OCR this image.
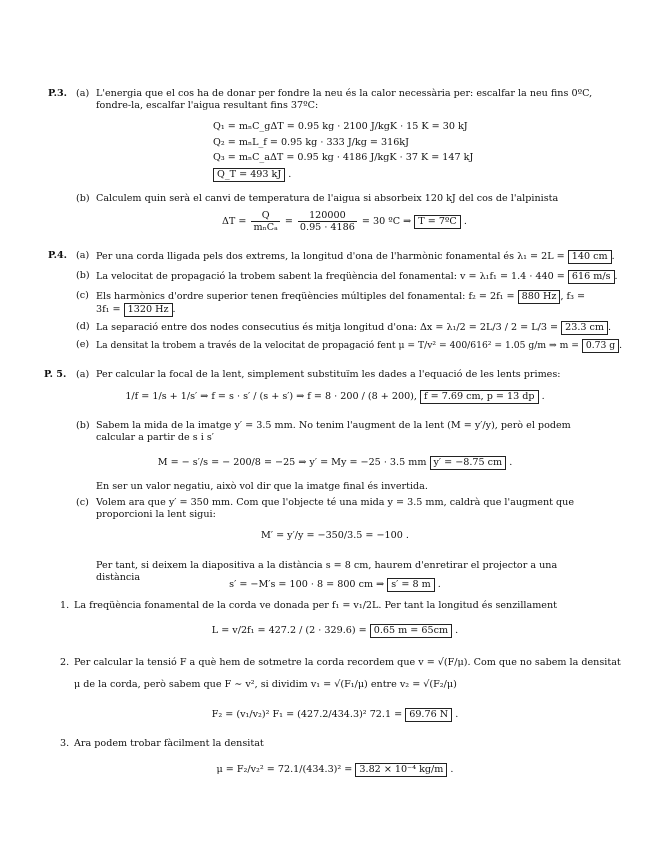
P.3. (a) L'energia que el cos ha de donar per fondre la neu és la calor necessària per: escalfar la neu fins 0ºC, fondre-la, escalfar l'aigua resultant fins 37ºC:
Q₁ = mₙC_gΔT = 0.95 kg · 2100 J/kgK · 15 K = 30 kJ
Q₂ = mₙL_f = 0.95 kg · 333 J/kg = 316kJ
Q₃ = mₙC_aΔT = 0.95 kg · 4186 J/kgK · 37 K = 147 kJ
Q_T = 493 kJ .
(b) Calculem quin serà el canvi de temperatura de l'aigua si absorbeix 120 kJ del cos de l'alpinista
$\Delta T = \frac{Q}{\text{mₙCₐ}} = \frac{120000}{0.95 \cdot 4186} = 30$ ºC ⇒ T = 7ºC .
P.4. (a) Per una corda lligada pels dos extrems, la longitud d'ona de l'harmònic fonamental és λ₁ = 2L = 140 cm .
(b) La velocitat de propagació la trobem sabent la freqüència del fonamental: v = λ₁f₁ = 1.4 · 440 = 616 m/s .
(c) Els harmònics d'ordre superior tenen freqüències múltiples del fonamental: f₂ = 2f₁ = 880 Hz , f₃ =
3f₁ = 1320 Hz .
(d) La separació entre dos nodes consecutius és mitja longitud d'ona: Δx = λ₁/2 = 2L/3 / 2 = L/3 = 23.3 cm .
(e) La densitat la trobem a través de la velocitat de propagació fent μ = T/v² = 400/616² = 1.05 g/m ⇒ m = 0.73 g .
P. 5. (a) Per calcular la focal de la lent, simplement substituïm les dades a l'equació de les lents primes:
1/f = 1/s + 1/s′ ⇒ f = s · s′ / (s + s′) ⇒ f = 8 · 200 / (8 + 200), f = 7.69 cm, p = 13 dp .
(b) Sabem la mida de la imatge y′ = 3.5 mm. No tenim l'augment de la lent (M = y′/y), però el podem calcular a partir de s i s′
M = − s′/s = − 200/8 = −25 ⇒ y′ = My = −25 · 3.5 mm y′ = −8.75 cm .
En ser un valor negatiu, això vol dir que la imatge final és invertida.
(c) Volem ara que y′ = 350 mm. Com que l'objecte té una mida y = 3.5 mm, caldrà que l'augment que proporcioni la lent sigui:
M′ = y′/y = −350/3.5 = −100 .
Per tant, si deixem la diapositiva a la distància s = 8 cm, haurem d'enretirar el projector a una distància
s′ = −M′s = 100 · 8 = 800 cm ⇒ s′ = 8 m .
1. La freqüència fonamental de la corda ve donada per f₁ = v₁/2L. Per tant la longitud és senzillament
L = v/2f₁ = 427.2 / (2 · 329.6) = 0.65 m = 65cm .
2. Per calcular la tensió F a què hem de sotmetre la corda recordem que v = √(F/μ). Com que no sabem la densitat
μ de la corda, però sabem que F ∼ v², si dividim v₁ = √(F₁/μ) entre v₂ = √(F₂/μ)
F₂ = (v₁/v₂)² F₁ = (427.2/434.3)² 72.1 = 69.76 N .
3. Ara podem trobar fàcilment la densitat
μ = F₂/v₂² = 72.1/(434.3)² = 3.82 × 10⁻⁴ kg/m .
